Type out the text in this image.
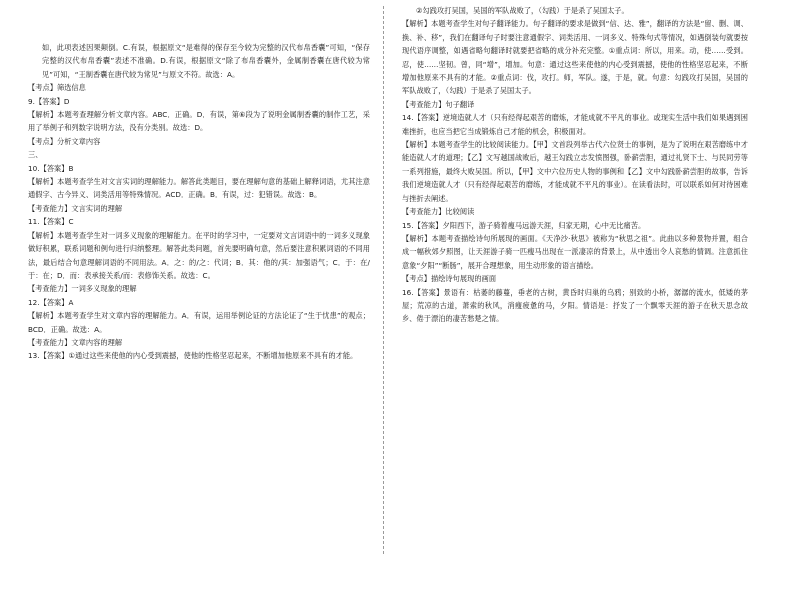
如，此项表述因果颠倒。C.有误，根据原文“是难得的保存至今较为完整的汉代布帛香囊”可知，“保存完整的汉代布帛香囊”表述不准确。D.有误，根据原文“除了布帛香囊外，金属制香囊在唐代较为常见”可知，“王制香囊在唐代较为常见”与原文不符。故选：A。

【考点】筛选信息

9.【答案】D

【解析】本题考查理解分析文章内容。ABC．正确。D．有误，第⑥段为了说明金属制香囊的制作工艺，采用了举例子和列数字说明方法，没有分类别。故选：D。

【考点】分析文章内容

三、

10.【答案】B

【解析】本题考查学生对文言实词的理解能力。解答此类题目，要在理解句意的基础上解释词语，尤其注意通假字、古今异义、词类活用等特殊情况。ACD．正确。B．有误，过：犯错误。故选：B。

【考查能力】文言实词的理解

11.【答案】C

【解析】本题考查学生对一词多义现象的理解能力。在平时的学习中，一定要对文言词语中的一词多义现象做好积累，联系词题和例句进行归纳整理。解答此类问题，首先要明确句意，然后要注意积累词语的不同用法，最后结合句意理解词语的不同用法。A．之：的/之：代词；B．其：他的/其：加强语气；C．于：在/于：在；D．而：表承接关系/而：表修饰关系。故选：C。

【考查能力】一词多义现象的理解

12.【答案】A

【解析】本题考查学生对文章内容的理解能力。A．有误，运用举例论证的方法论证了“生于忧患”的观点；BCD．正确。故选：A。

【考查能力】文章内容的理解

13.【答案】①通过这些来使他的内心受到震撼，使他的性格坚忍起来，不断增加他原来不具有的才能。

②勾践攻打吴国，吴国的军队战败了，（勾践）于是杀了吴国太子。

【解析】本题考查学生对句子翻译能力。句子翻译的要求是做到“信、达、雅”，翻译的方法是“留、删、调、换、补、移”，我们在翻译句子时要注意通假字、词类活用、一词多义、特殊句式等情况，如遇倒装句就要按现代语序调整，如遇省略句翻译时就要把省略的成分补充完整。①重点词：所以，用来。动，使……受到。忍，使……坚韧。曾，同“增”，增加。句意：通过这些来使他的内心受到震撼，使他的性格坚忍起来，不断增加他原来不具有的才能。②重点词：伐，攻打。师，军队。遂，于是，就。句意：勾践攻打吴国，吴国的军队战败了，（勾践）于是杀了吴国太子。

【考查能力】句子翻译

14.【答案】逆境造就人才（只有经得起艰苦的磨炼，才能成就不平凡的事业。或现实生活中我们如果遇到困难挫折，也应当把它当成锻炼自己才能的机会，积极面对。

【解析】本题考查学生的比较阅读能力。【甲】文首段列举古代六位贤士的事例，是为了说明在艰苦磨练中才能造就人才的道理；【乙】文写越国战败后，越王勾践立志发愤图强，卧薪尝胆，通过礼贤下士、与民同劳等一系列措施，最终大败吴国。所以，【甲】文中六位历史人物的事例和【乙】文中勾践卧薪尝胆的故事，告诉我们逆境造就人才（只有经得起艰苦的磨练，才能成就不平凡的事业）。在读看法时，可以联系如何对待困难与挫折去阐述。

【考查能力】比较阅读

15.【答案】夕阳西下，游子骑着瘦马远游天涯，归家无期，心中无比痛苦。

【解析】本题考查描绘诗句所展现的画面。《天净沙·秋思》被称为“秋思之祖”。此曲以多种景物并置，组合成一幅秋郊夕照图，让天涯游子骑一匹瘦马出现在一派凄凉的背景上，从中透出令人哀愁的情调。注意抓住意象“夕阳”“断肠”，展开合理想象，用生动形象的语言描绘。

【考点】描绘诗句展现的画面

16.【答案】景语有：枯萎的藤蔓，垂老的古树，黄昏时归巢的乌鸦；别致的小桥，潺潺的流水，低矮的茅屋；荒凉的古道，萧索的秋风，消瘦疲惫的马，夕阳。情语是：抒发了一个飘零天涯的游子在秋天思念故乡、倦于漂泊的凄苦愁楚之情。
